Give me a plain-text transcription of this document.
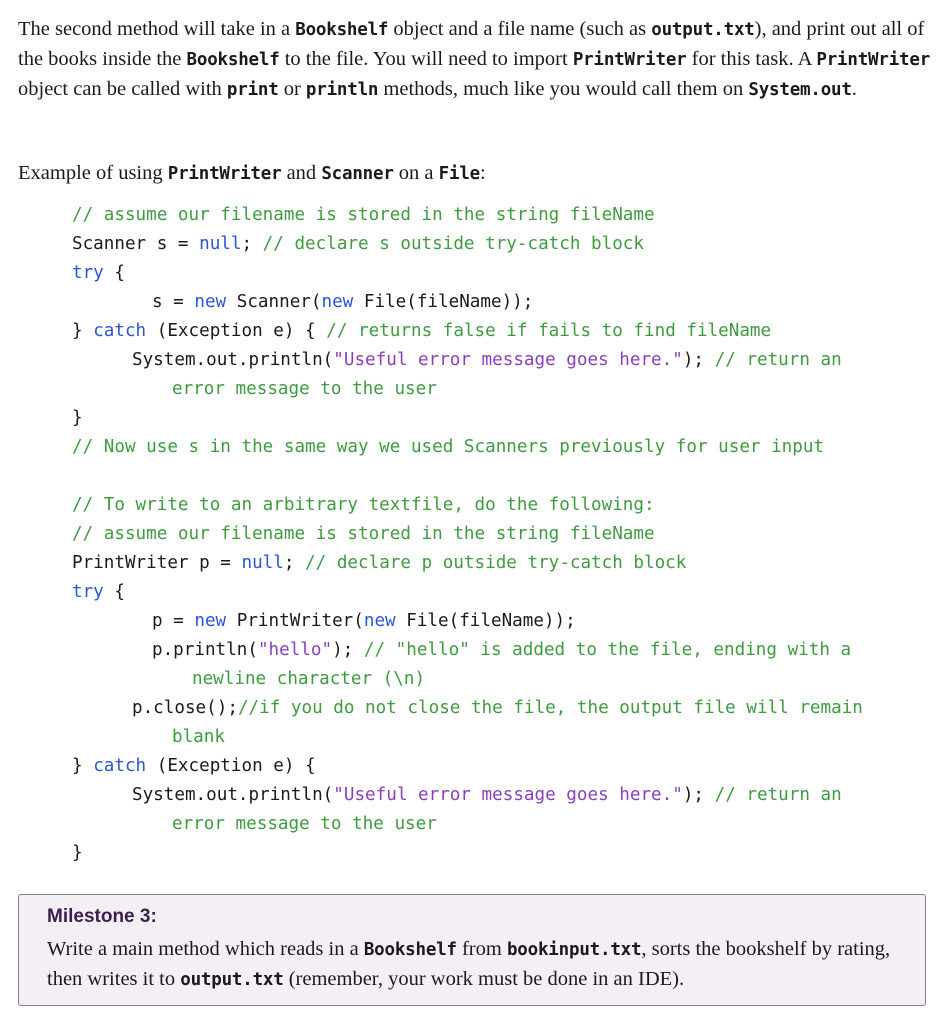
The second method will take in a Bookshelf object and a file name (such as output.txt), and print out all of the books inside the Bookshelf to the file. You will need to import PrintWriter for this task. A PrintWriter object can be called with print or println methods, much like you would call them on System.out.

Example of using PrintWriter and Scanner on a File:

// assume our filename is stored in the string fileName

Scanner s = null; // declare s outside try-catch block

try {

s = new Scanner(new File(fileName));

} catch (Exception e) { // returns false if fails to find fileName

System.out.println("Useful error message goes here."); // return an

error message to the user

}

// Now use s in the same way we used Scanners previously for user input

// To write to an arbitrary textfile, do the following:

// assume our filename is stored in the string fileName

PrintWriter p = null; // declare p outside try-catch block

try {

p = new PrintWriter(new File(fileName));

p.println("hello"); // "hello" is added to the file, ending with a

newline character (\n)

p.close();//if you do not close the file, the output file will remain

blank

} catch (Exception e) {

System.out.println("Useful error message goes here."); // return an

error message to the user

}

Milestone 3:
Write a main method which reads in a Bookshelf from bookinput.txt, sorts the bookshelf by rating, then writes it to output.txt (remember, your work must be done in an IDE).
